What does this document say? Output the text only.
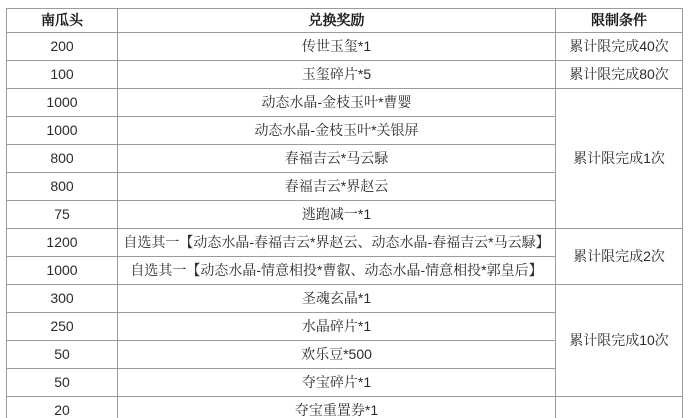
南瓜头	兑换奖励	限制条件
200	传世玉玺*1	累计限完成40次
100	玉玺碎片*5	累计限完成80次
1000	动态水晶-金枝玉叶*曹婴	累计限完成1次
1000	动态水晶-金枝玉叶*关银屏	
800	春福吉云*马云騄	
800	春福吉云*界赵云	
75	逃跑减一*1	
1200	自选其一【动态水晶-春福吉云*界赵云、动态水晶-春福吉云*马云騄】	累计限完成2次
1000	自选其一【动态水晶-情意相投*曹叡、动态水晶-情意相投*郭皇后】	
300	圣魂玄晶*1	累计限完成10次
250	水晶碎片*1	
50	欢乐豆*500	
50	夺宝碎片*1	
20	夺宝重置券*1	
